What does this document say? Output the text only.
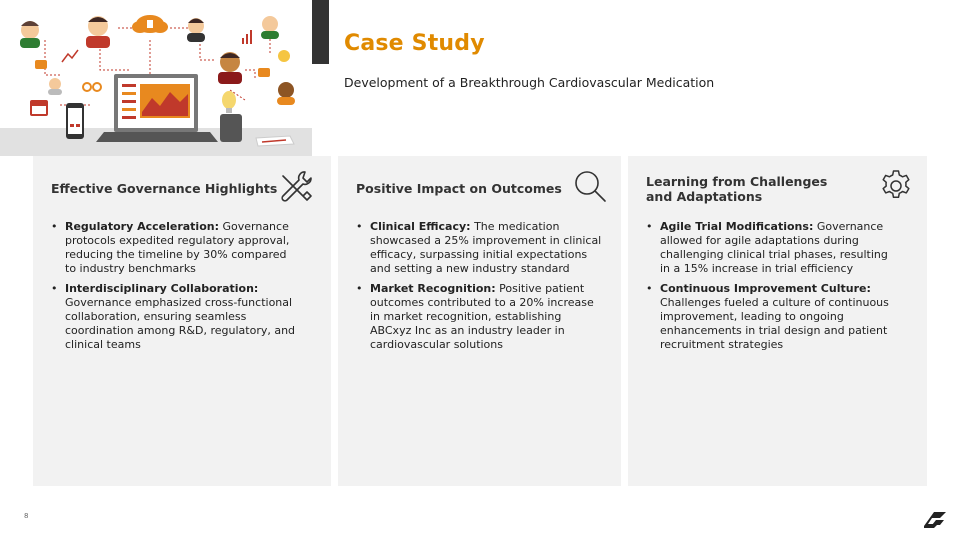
Case Study
Development of a Breakthrough Cardiovascular Medication
Effective Governance Highlights
• Regulatory Acceleration: Governance protocols expedited regulatory approval, reducing the timeline by 30% compared to industry benchmarks
• Interdisciplinary Collaboration: Governance emphasized cross-functional collaboration, ensuring seamless coordination among R&D, regulatory, and clinical teams
Positive Impact on Outcomes
• Clinical Efficacy: The medication showcased a 25% improvement in clinical efficacy, surpassing initial expectations and setting a new industry standard
• Market Recognition: Positive patient outcomes contributed to a 20% increase in market recognition, establishing ABCxyz Inc as an industry leader in cardiovascular solutions
Learning from Challenges
and Adaptations
• Agile Trial Modifications: Governance allowed for agile adaptations during challenging clinical trial phases, resulting in a 15% increase in trial efficiency
• Continuous Improvement Culture: Challenges fueled a culture of continuous improvement, leading to ongoing enhancements in trial design and patient recruitment strategies
8
